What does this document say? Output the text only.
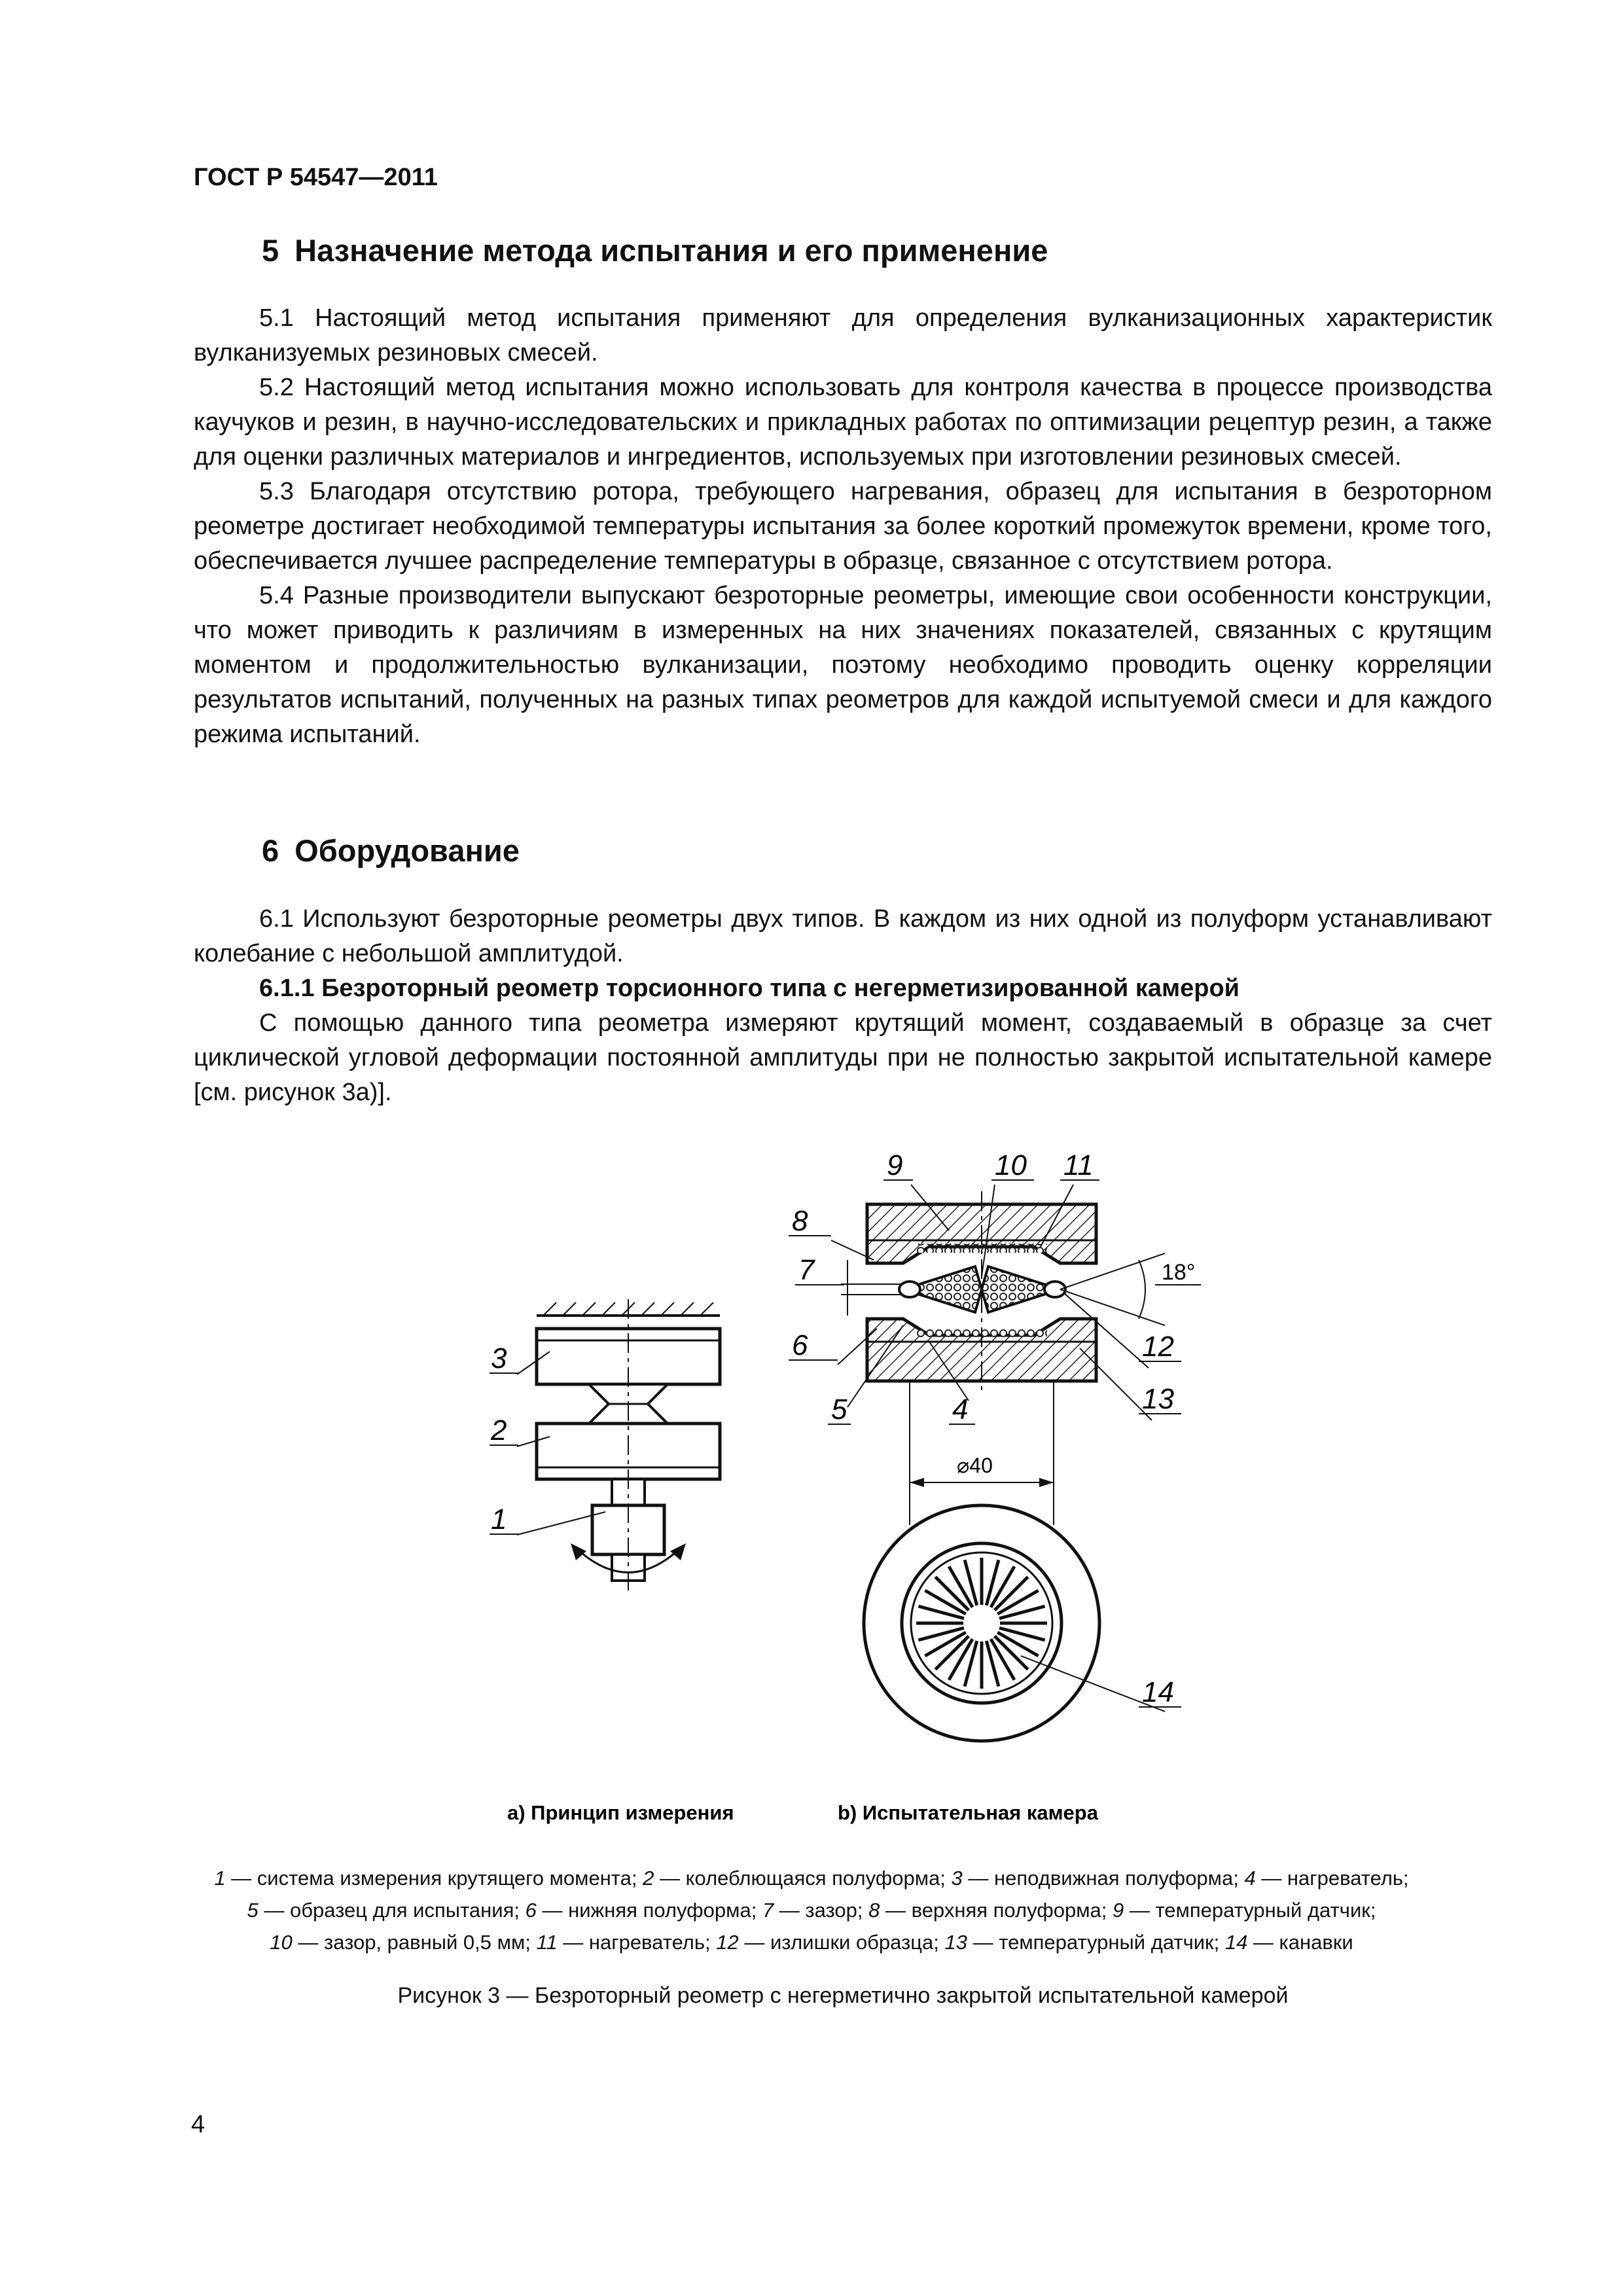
ГОСТ Р 54547—2011
5 Назначение метода испытания и его применение

5.1 Настоящий метод испытания применяют для определения вулканизационных характеристик вулканизуемых резиновых смесей.

5.2 Настоящий метод испытания можно использовать для контроля качества в процессе производства каучуков и резин, в научно-исследовательских и прикладных работах по оптимизации рецептур резин, а также для оценки различных материалов и ингредиентов, используемых при изготовлении резиновых смесей.

5.3 Благодаря отсутствию ротора, требующего нагревания, образец для испытания в безроторном реометре достигает необходимой температуры испытания за более короткий промежуток времени, кроме того, обеспечивается лучшее распределение температуры в образце, связанное с отсутствием ротора.

5.4 Разные производители выпускают безроторные реометры, имеющие свои особенности конструкции, что может приводить к различиям в измеренных на них значениях показателей, связанных с крутящим моментом и продолжительностью вулканизации, поэтому необходимо проводить оценку корреляции результатов испытаний, полученных на разных типах реометров для каждой испытуемой смеси и для каждого режима испытаний.

6 Оборудование

6.1 Используют безроторные реометры двух типов. В каждом из них одной из полуформ устанавливают колебание с небольшой амплитудой.

6.1.1 Безроторный реометр торсионного типа с негерметизированной камерой

С помощью данного типа реометра измеряют крутящий момент, создаваемый в образце за счет циклической угловой деформации постоянной амплитуды при не полностью закрытой испытательной камере [см. рисунок 3а)].

3
2
1
18°
⌀40
8
7
6
5	4
9	10 11
12
13
14
a) Принцип измерения	b) Испытательная камера
1 — система измерения крутящего момента; 2 — колеблющаяся полуформа; 3 — неподвижная полуформа; 4 — нагреватель;
5 — образец для испытания; 6 — нижняя полуформа; 7 — зазор; 8 — верхняя полуформа; 9 — температурный датчик;
10 — зазор, равный 0,5 мм; 11 — нагреватель; 12 — излишки образца; 13 — температурный датчик; 14 — канавки
Рисунок 3 — Безроторный реометр с негерметично закрытой испытательной камерой
4
